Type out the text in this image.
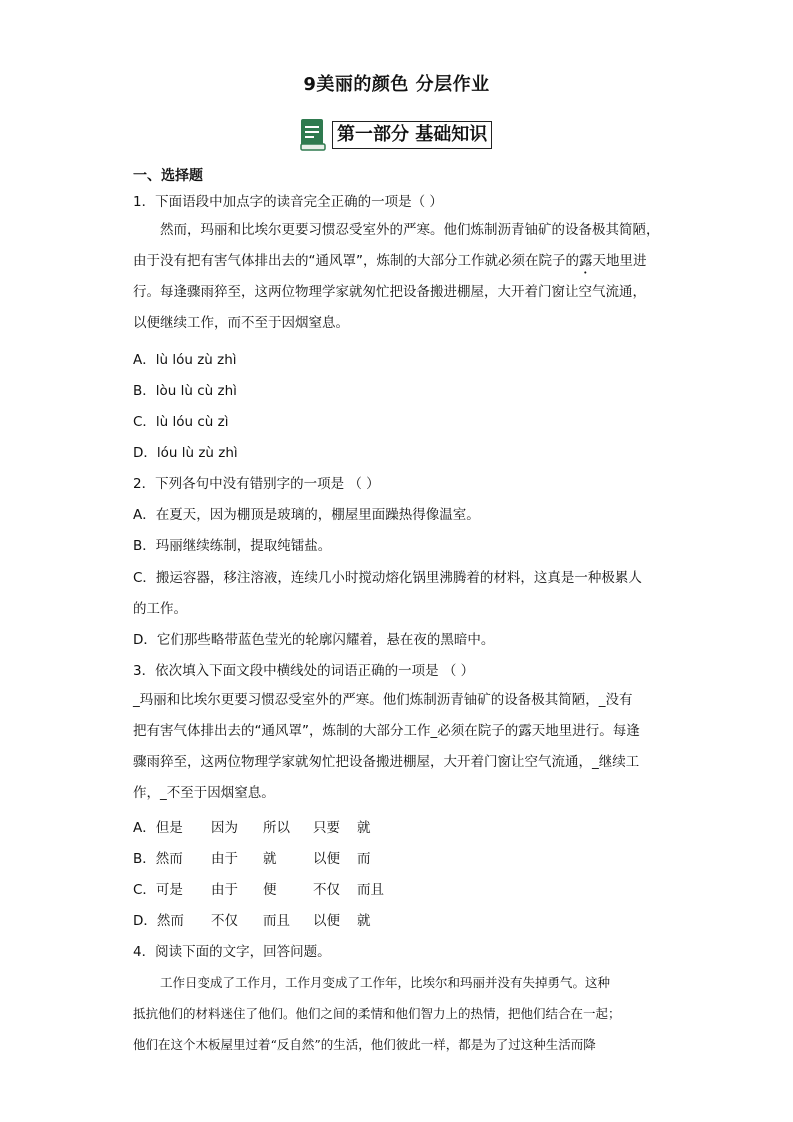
9美丽的颜色 分层作业
第一部分 基础知识
一、选择题
1．下面语段中加点字的读音完全正确的一项是（ ）
然而，玛丽和比埃尔更要习惯忍受室外的严寒。他们炼制沥青铀矿的设备极其简陋，
由于没有把有害气体排出去的“通风罩”，炼制的大部分工作就必须在院子的露天地里进
行。每逢骤雨猝至，这两位物理学家就匆忙把设备搬进棚屋，大开着门窗让空气流通，
以便继续工作，而不至于因烟窒息。
A．lù lóu zù zhì
B．lòu lù cù zhì
C．lù lóu cù zì
D．lóu lù zù zhì
2．下列各句中没有错别字的一项是 （ ）
A．在夏天，因为棚顶是玻璃的，棚屋里面躁热得像温室。
B．玛丽继续练制，提取纯镭盐。
C．搬运容器，移注溶液，连续几小时搅动熔化锅里沸腾着的材料，这真是一种极累人
的工作。
D．它们那些略带蓝色莹光的轮廓闪耀着，悬在夜的黑暗中。
3．依次填入下面文段中横线处的词语正确的一项是 （ ）
_玛丽和比埃尔更要习惯忍受室外的严寒。他们炼制沥青铀矿的设备极其简陋，_没有
把有害气体排出去的“通风罩”，炼制的大部分工作_必须在院子的露天地里进行。每逢
骤雨猝至，这两位物理学家就匆忙把设备搬进棚屋，大开着门窗让空气流通，_继续工
作，_不至于因烟窒息。
A．但是 因为 所以 只要 就
B．然而 由于 就	以便 而
C．可是 由于 便	不仅 而且
D．然而 不仅 而且 以便 就
4．阅读下面的文字，回答问题。
工作日变成了工作月，工作月变成了工作年，比埃尔和玛丽并没有失掉勇气。这种
抵抗他们的材料迷住了他们。他们之间的柔情和他们智力上的热情，把他们结合在一起；
他们在这个木板屋里过着“反自然”的生活，他们彼此一样，都是为了过这种生活而降
